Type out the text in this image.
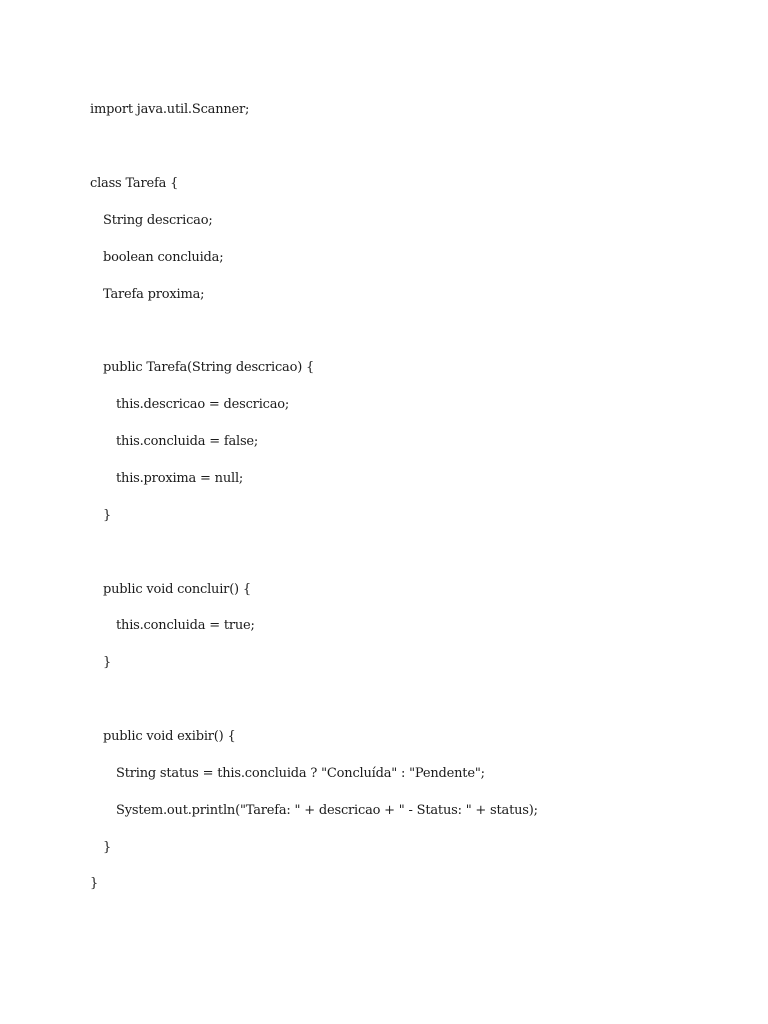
import java.util.Scanner;

class Tarefa {

String descricao;

boolean concluida;

Tarefa proxima;

public Tarefa(String descricao) {

this.descricao = descricao;

this.concluida = false;

this.proxima = null;

}

public void concluir() {

this.concluida = true;

}

public void exibir() {

String status = this.concluida ? "Concluída" : "Pendente";

System.out.println("Tarefa: " + descricao + " - Status: " + status);

}

}
